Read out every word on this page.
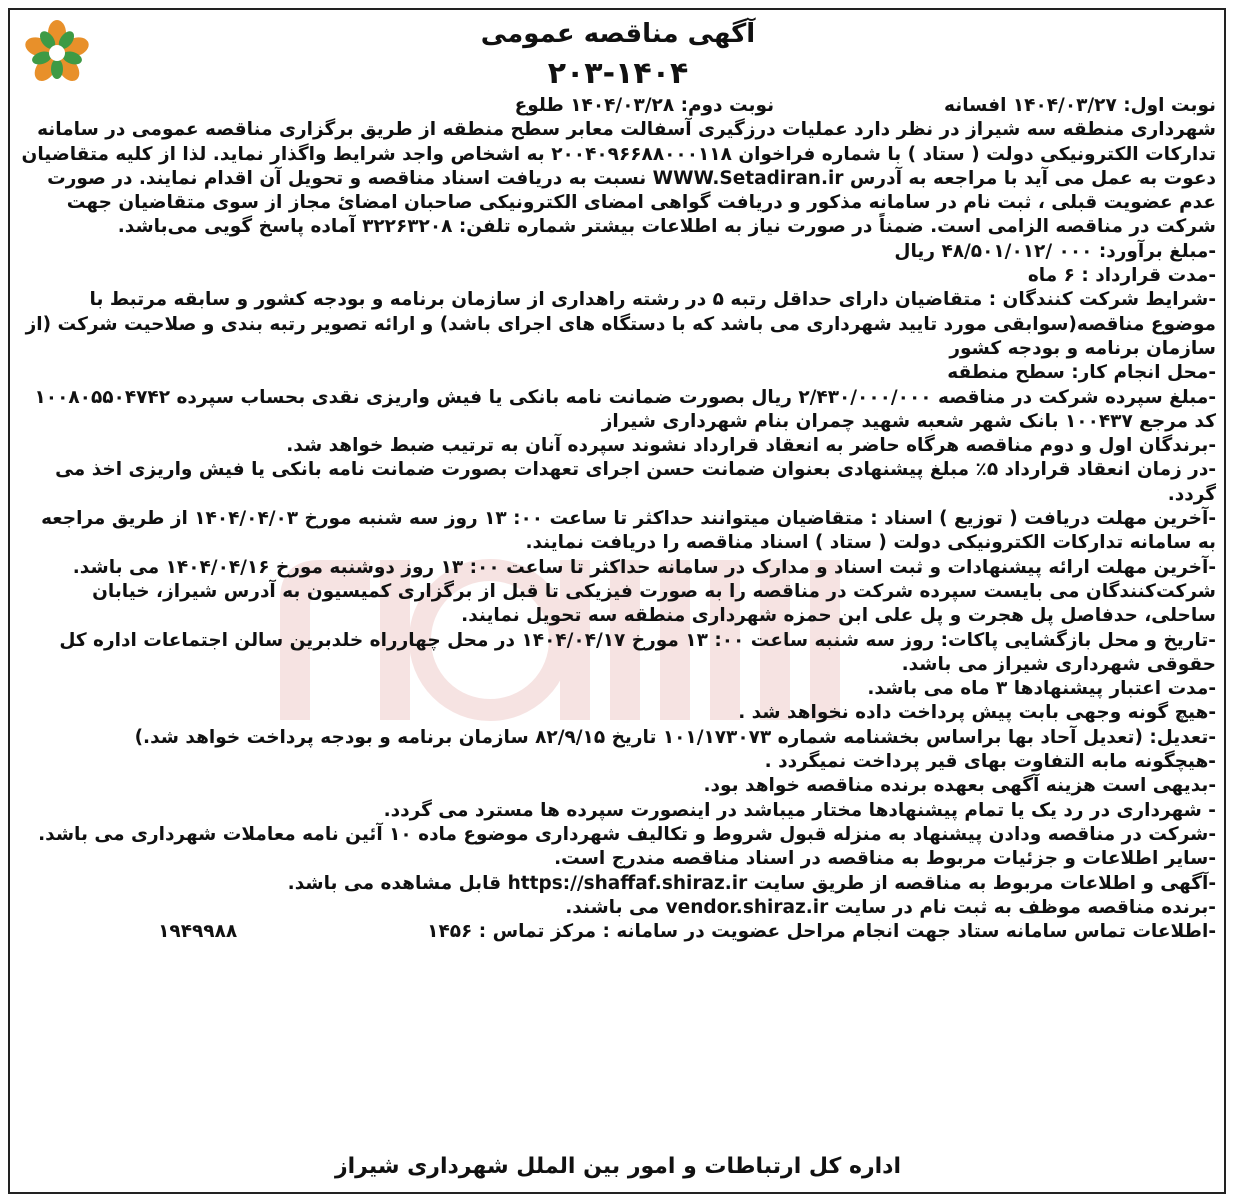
آگهی مناقصه عمومی
۲۰۳-۱۴۰۴
نوبت اول: ۱۴۰۴/۰۳/۲۷ افسانه
نوبت دوم: ۱۴۰۴/۰۳/۲۸ طلوع

شهرداری منطقه سه شیراز در نظر دارد عملیات درزگیری آسفالت معابر سطح منطقه از طریق برگزاری مناقصه عمومی در سامانه تدارکات الکترونیکی دولت ( ستاد ) با شماره فراخوان ۲۰۰۴۰۹۶۶۸۸۰۰۰۱۱۸ به اشخاص واجد شرایط واگذار نماید. لذا از کلیه متقاضیان دعوت به عمل می آید با مراجعه به آدرس WWW.Setadiran.ir نسبت به دریافت اسناد مناقصه و تحویل آن اقدام نمایند. در صورت عدم عضویت قبلی ، ثبت نام در سامانه مذکور و دریافت گواهی امضای الکترونیکی صاحبان امضائ مجاز از سوی متقاضیان جهت شرکت در مناقصه الزامی است. ضمناً در صورت نیاز به اطلاعات بیشتر شماره تلفن: ۳۲۲۶۳۲۰۸ آماده پاسخ گویی می‌باشد.

-مبلغ برآورد: ۰۰۰ /۴۸/۵۰۱/۰۱۲ ریال

-مدت قرارداد : ۶ ماه

-شرایط شرکت کنندگان : متقاضیان دارای حداقل رتبه ۵ در رشته راهداری از سازمان برنامه و بودجه کشور و سابقه مرتبط با موضوع مناقصه(سوابقی مورد تایید شهرداری می باشد که با دستگاه های اجرای باشد) و ارائه تصویر رتبه بندی و صلاحیت شرکت (از سازمان برنامه و بودجه کشور

-محل انجام کار: سطح منطقه

-مبلغ سپرده شرکت در مناقصه ۲/۴۳۰/۰۰۰/۰۰۰ ریال بصورت ضمانت نامه بانکی یا فیش واریزی نقدی بحساب سپرده ۱۰۰۸۰۵۵۰۴۷۴۲ کد مرجع ۱۰۰۴۳۷ بانک شهر شعبه شهید چمران بنام شهرداری شیراز

-برندگان اول و دوم مناقصه هرگاه حاضر به انعقاد قرارداد نشوند سپرده آنان به ترتیب ضبط خواهد شد.

-در زمان انعقاد قرارداد ۵٪ مبلغ پیشنهادی بعنوان ضمانت حسن اجرای تعهدات بصورت ضمانت نامه بانکی یا فیش واریزی اخذ می گردد.

-آخرین مهلت دریافت ( توزیع ) اسناد : متقاضیان میتوانند حداکثر تا ساعت ۰۰: ۱۳ روز سه شنبه مورخ ۱۴۰۴/۰۴/۰۳ از طریق مراجعه به سامانه تدارکات الکترونیکی دولت ( ستاد ) اسناد مناقصه را دریافت نمایند.

-آخرین مهلت ارائه پیشنهادات و ثبت اسناد و مدارک در سامانه حداکثر تا ساعت ۰۰: ۱۳ روز دوشنبه مورخ ۱۴۰۴/۰۴/۱۶ می باشد. شرکت‌کنندگان می بایست سپرده شرکت در مناقصه را به صورت فیزیکی تا قبل از برگزاری کمیسیون به آدرس شیراز، خیابان ساحلی، حدفاصل پل هجرت و پل علی ابن حمزه شهرداری منطقه سه تحویل نمایند.

-تاریخ و محل بازگشایی پاکات: روز سه شنبه ساعت ۰۰: ۱۳ مورخ ۱۴۰۴/۰۴/۱۷ در محل چهارراه خلدبرین سالن اجتماعات اداره کل حقوقی شهرداری شیراز می باشد.

-مدت اعتبار پیشنهادها ۳ ماه می باشد.

-هیچ گونه وجهی بابت پیش پرداخت داده نخواهد شد .

-تعدیل: (تعدیل آحاد بها براساس بخشنامه شماره ۱۰۱/۱۷۳۰۷۳ تاریخ ۸۲/۹/۱۵ سازمان برنامه و بودجه پرداخت خواهد شد.)

-هیچگونه مابه التفاوت بهای قیر پرداخت نمیگردد .

-بدیهی است هزینه آگهی بعهده برنده مناقصه خواهد بود.

- شهرداری در رد یک یا تمام پیشنهادها مختار میباشد در اینصورت سپرده ها مسترد می گردد.

-شرکت در مناقصه ودادن پیشنهاد به منزله قبول شروط و تکالیف شهرداری موضوع ماده ۱۰ آئین نامه معاملات شهرداری می باشد.

-سایر اطلاعات و جزئیات مربوط به مناقصه در اسناد مناقصه مندرج است.

-آگهی و اطلاعات مربوط به مناقصه از طریق سایت https://shaffaf.shiraz.ir قابل مشاهده می باشد.

-برنده مناقصه موظف به ثبت نام در سایت vendor.shiraz.ir می باشند.

-اطلاعات تماس سامانه ستاد جهت انجام مراحل عضویت در سامانه : مرکز تماس : ۱۴۵۶
۱۹۴۹۹۸۸
اداره کل ارتباطات و امور بین الملل شهرداری شیراز
